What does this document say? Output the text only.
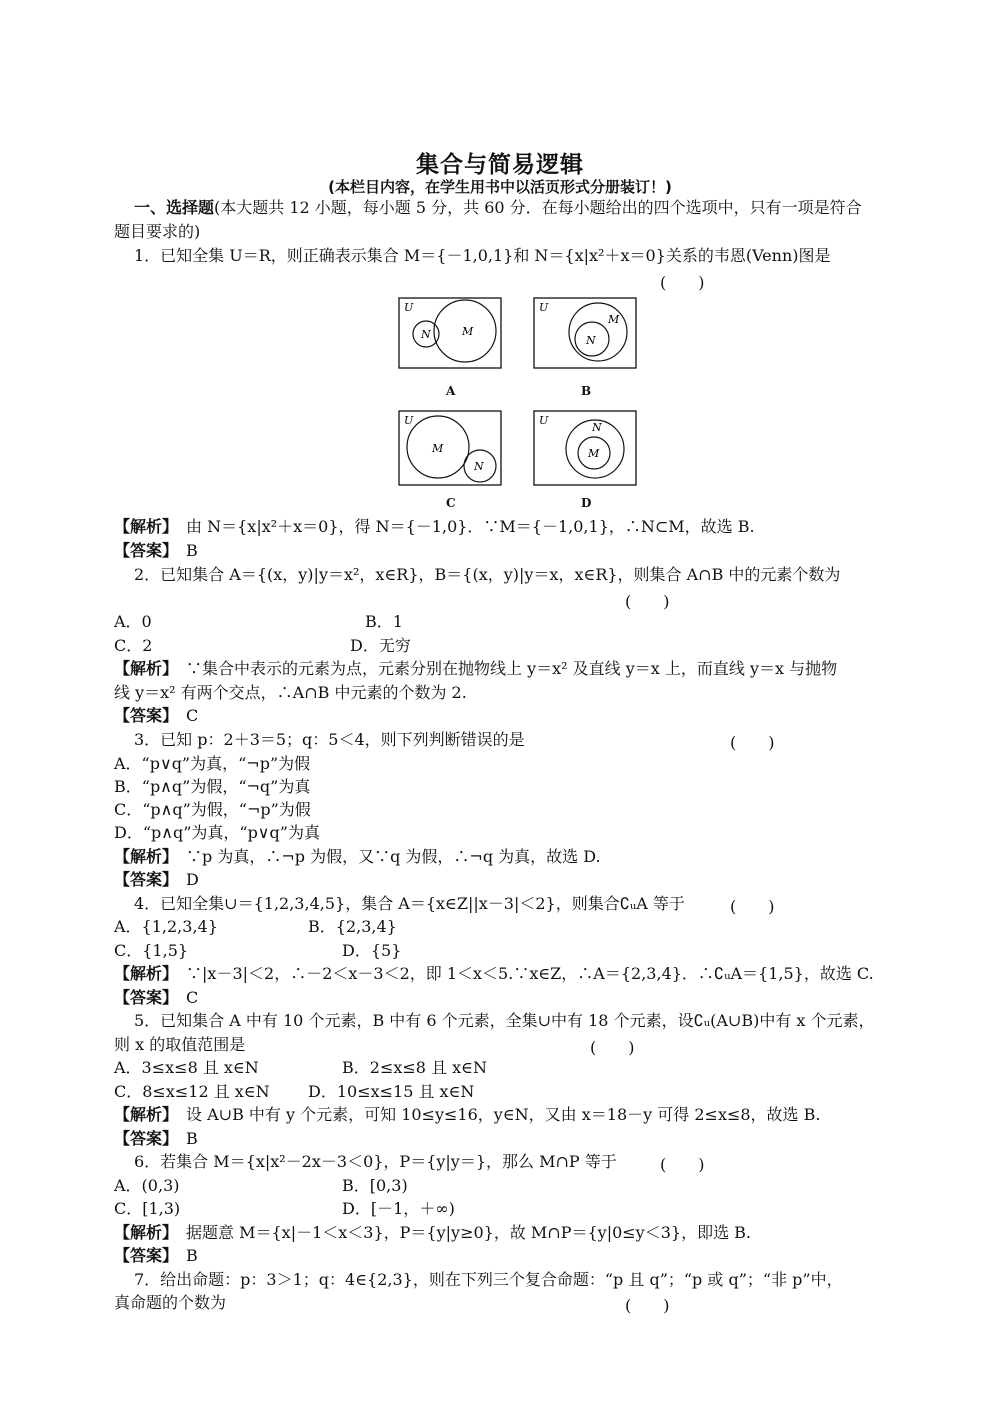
集合与简易逻辑
(本栏目内容，在学生用书中以活页形式分册装订！)
一、选择题(本大题共 12 小题，每小题 5 分，共 60 分．在每小题给出的四个选项中，只有一项是符合
题目要求的)
1．已知全集 U＝R，则正确表示集合 M＝{－1,0,1}和 N＝{x|x²＋x＝0}关系的韦恩(Venn)图是
(　　)
U
N	M
A
U
M
N
B
U
M
N
C
U
N
M
D
【解析】　 由 N＝{x|x²＋x＝0}，得 N＝{－1,0}．∵M＝{－1,0,1}，∴N⊂M，故选 B.
【答案】　 B
2．已知集合 A＝{(x，y)|y＝x²，x∈R}，B＝{(x，y)|y＝x，x∈R}，则集合 A∩B 中的元素个数为
(　　)
A．0	B．1
C．2	D．无穷
【解析】　 ∵集合中表示的元素为点，元素分别在抛物线上 y＝x² 及直线 y＝x 上，而直线 y＝x 与抛物
线 y＝x² 有两个交点，∴A∩B 中元素的个数为 2.
【答案】　 C
3．已知 p：2＋3＝5；q：5＜4，则下列判断错误的是	(　　)
A．“p∨q”为真，“¬p”为假
B．“p∧q”为假，“¬q”为真
C．“p∧q”为假，“¬p”为假
D．“p∧q”为真，“p∨q”为真
【解析】　 ∵p 为真，∴¬p 为假，又∵q 为假，∴¬q 为真，故选 D.
【答案】　 D
4．已知全集∪＝{1,2,3,4,5}，集合 A＝{x∈Z||x－3|＜2}，则集合∁ᵤA 等于	(　　)
A．{1,2,3,4}	B．{2,3,4}
C．{1,5}	D．{5}
【解析】　 ∵|x－3|＜2，∴－2＜x－3＜2，即 1＜x＜5.∵x∈Z，∴A＝{2,3,4}．∴∁ᵤA＝{1,5}，故选 C.
【答案】　 C
5．已知集合 A 中有 10 个元素，B 中有 6 个元素，全集∪中有 18 个元素，设∁ᵤ(A∪B)中有 x 个元素，
则 x 的取值范围是	(　　)
A．3≤x≤8 且 x∈N	B．2≤x≤8 且 x∈N
C．8≤x≤12 且 x∈N D．10≤x≤15 且 x∈N
【解析】　 设 A∪B 中有 y 个元素，可知 10≤y≤16，y∈N，又由 x＝18－y 可得 2≤x≤8，故选 B.
【答案】　 B
6．若集合 M＝{x|x²－2x－3＜0}，P＝{y|y＝}，那么 M∩P 等于	(　　)
A．(0,3)	B．[0,3)
C．[1,3)	D．[－1，＋∞)
【解析】　 据题意 M＝{x|－1＜x＜3}，P＝{y|y≥0}，故 M∩P＝{y|0≤y＜3}，即选 B.
【答案】　 B
7．给出命题：p：3＞1；q：4∈{2,3}，则在下列三个复合命题：“p 且 q”；“p 或 q”；“非 p”中，
真命题的个数为	(　　)
